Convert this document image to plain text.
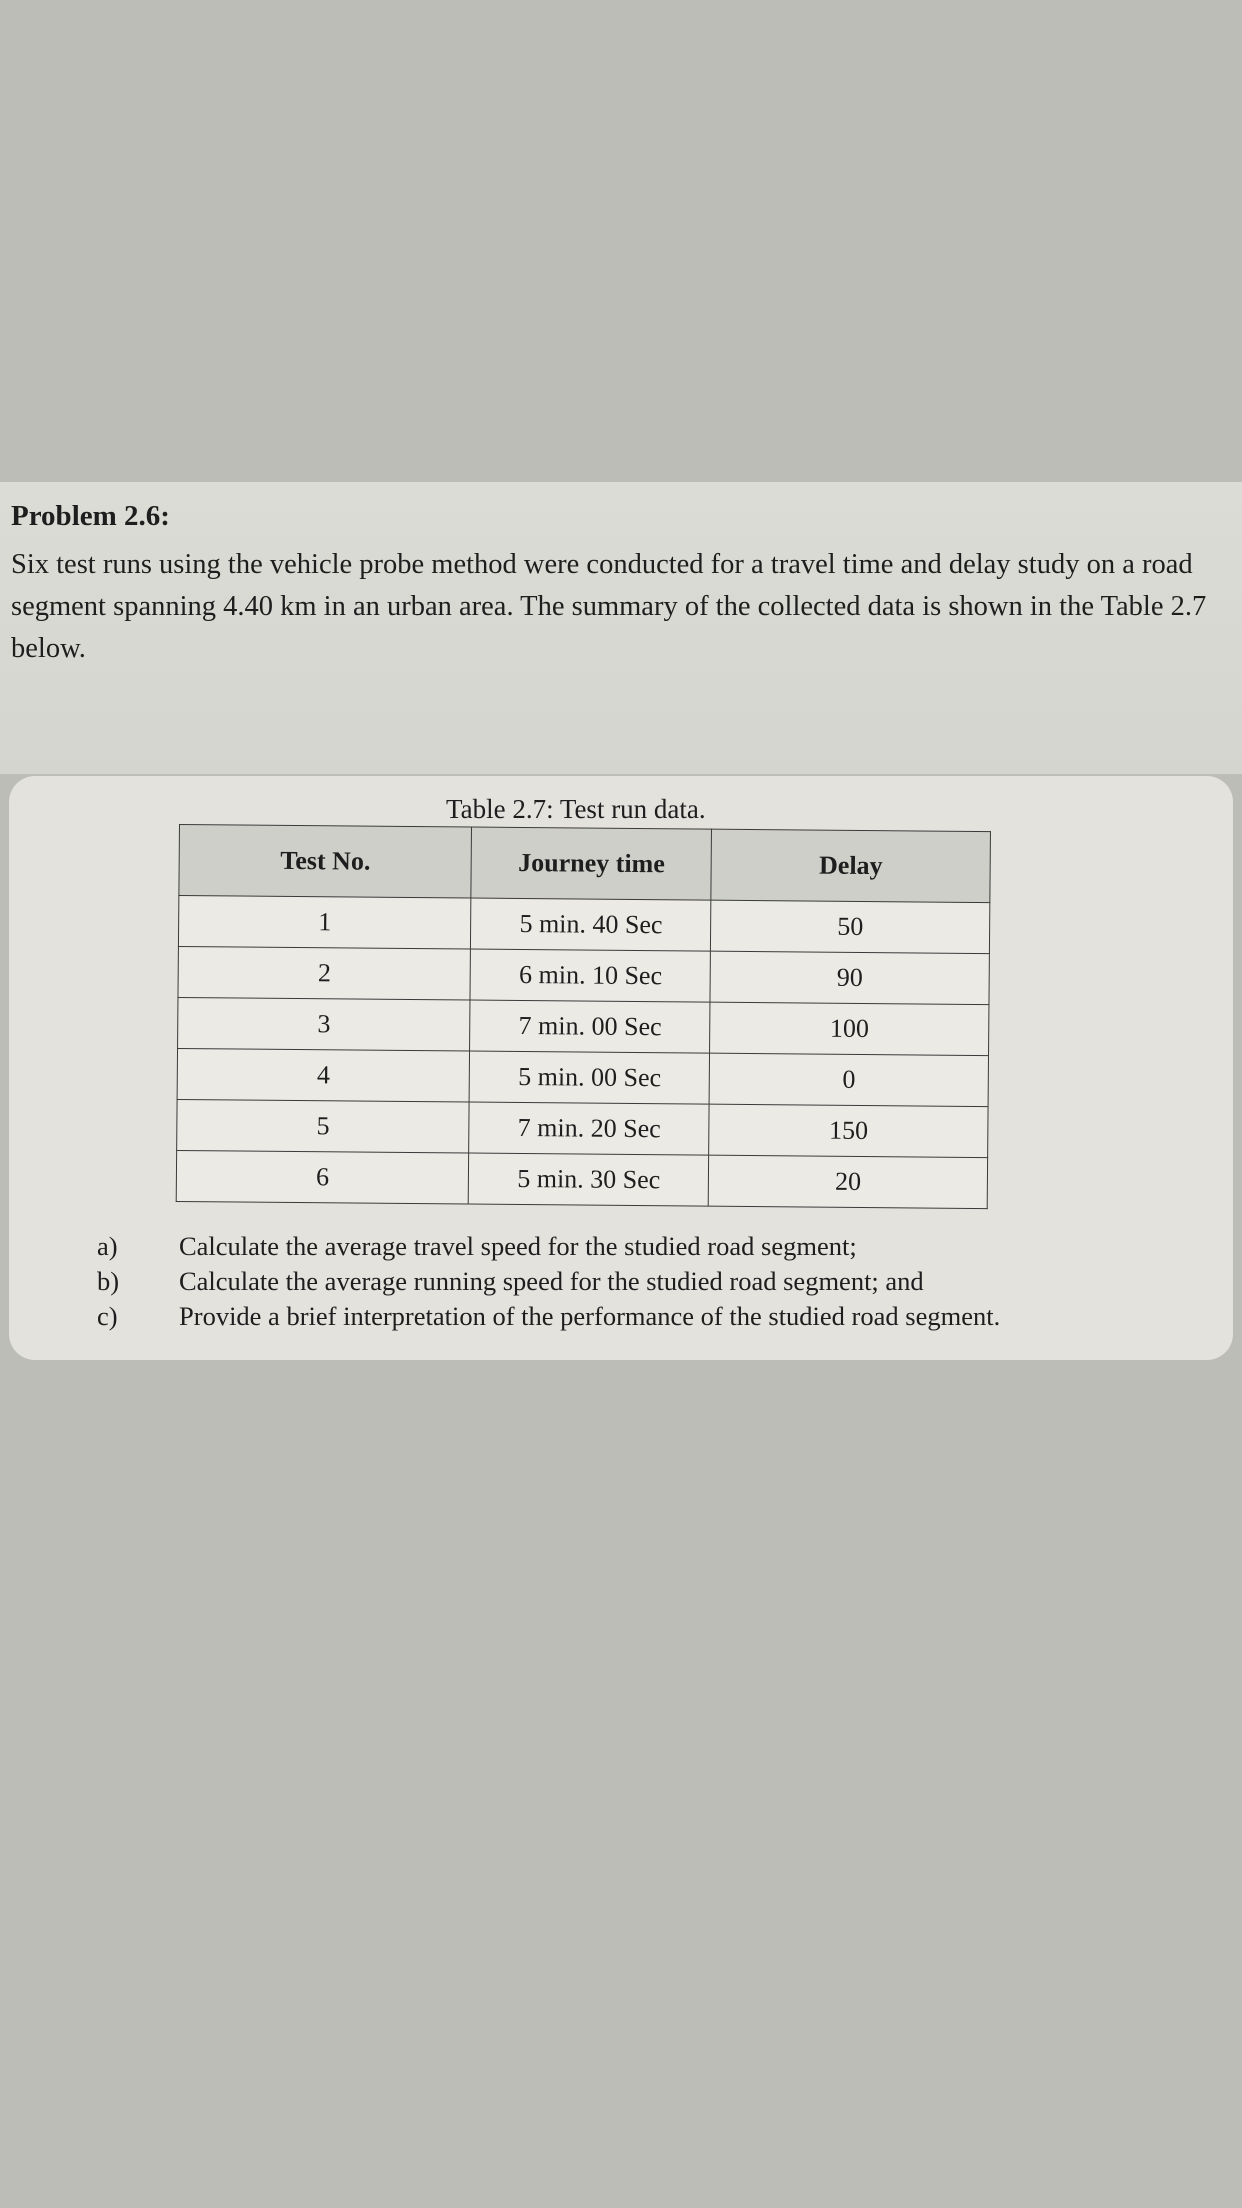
Problem 2.6:

Six test runs using the vehicle probe method were conducted for a travel time and delay study on a road segment spanning 4.40 km in an urban area. The summary of the collected data is shown in the Table 2.7 below.

Table 2.7: Test run data.

Test No.	Journey time	Delay
1	5 min. 40 Sec	50
2	6 min. 10 Sec	90
3	7 min. 00 Sec	100
4	5 min. 00 Sec	0
5	7 min. 20 Sec	150
6	5 min. 30 Sec	20
a)	Calculate the average travel speed for the studied road segment;
b)	Calculate the average running speed for the studied road segment; and
c)	Provide a brief interpretation of the performance of the studied road segment.
